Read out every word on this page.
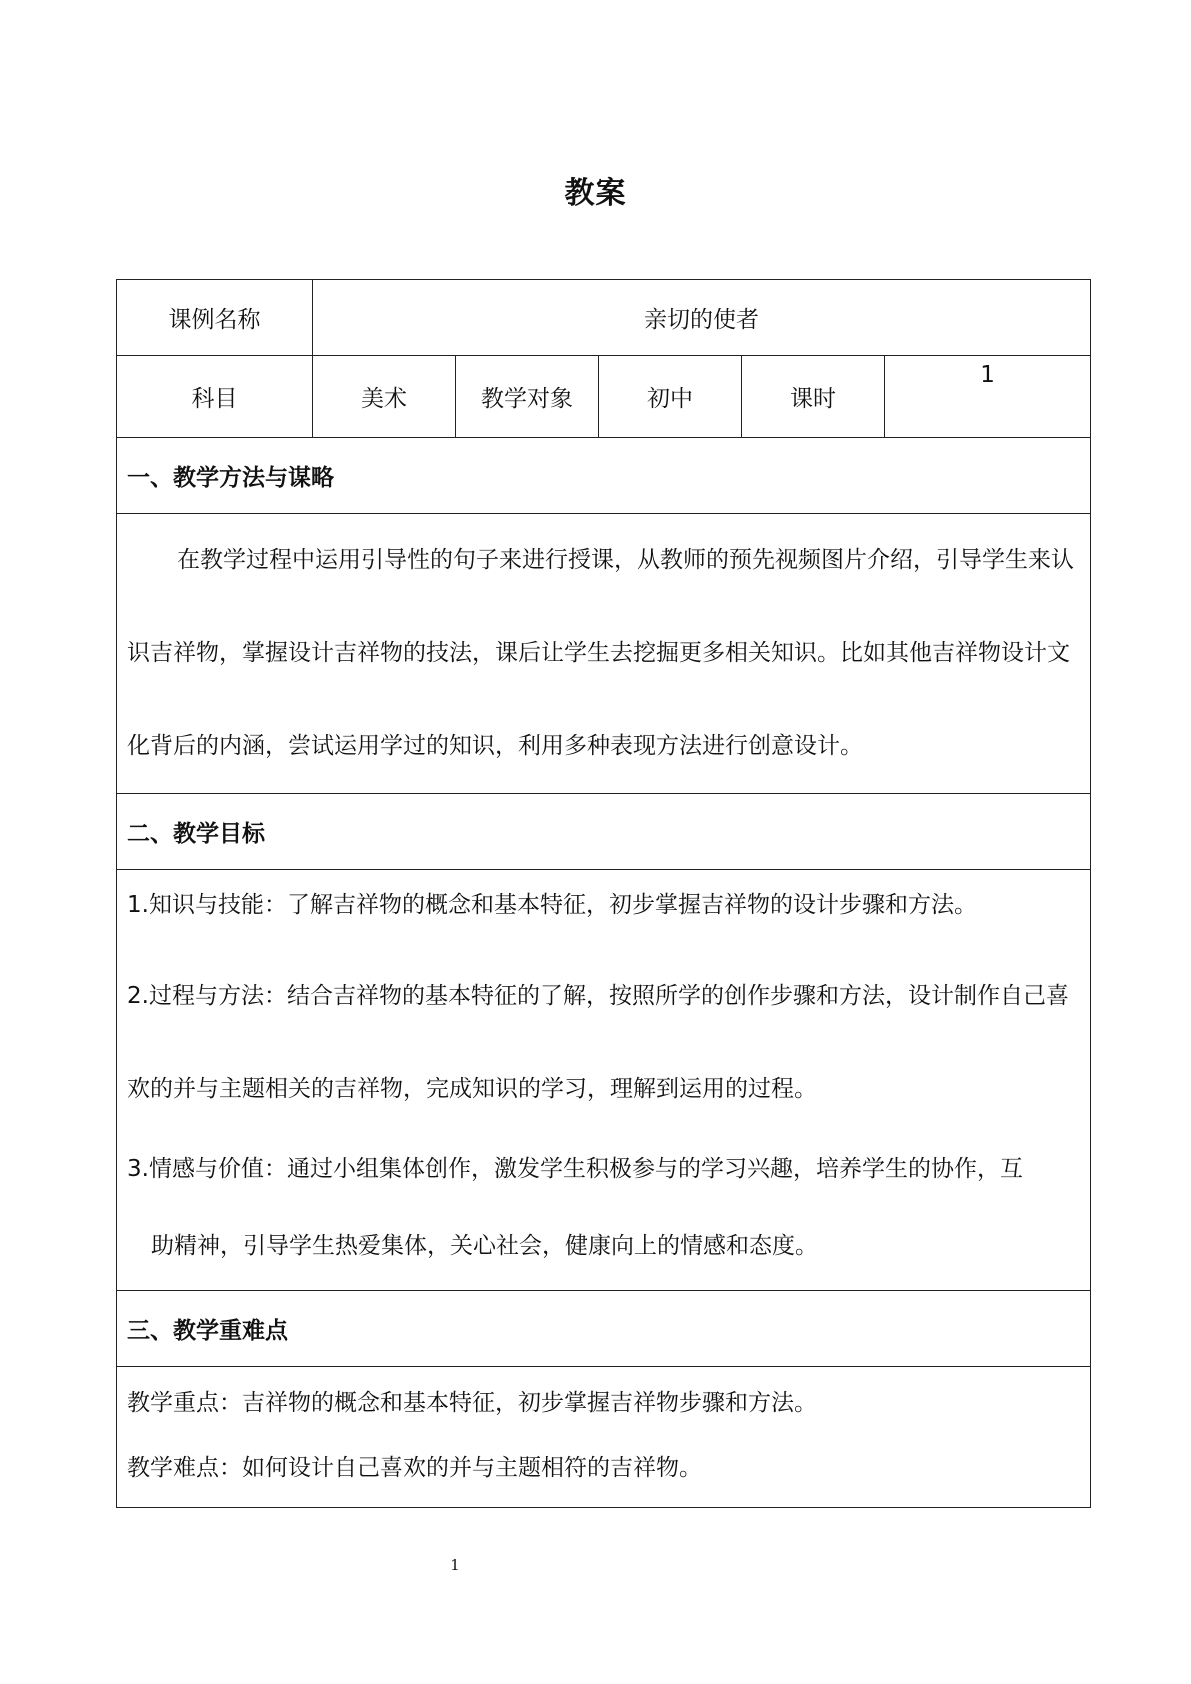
教案
课例名称	亲切的使者				
科目	美术	教学对象	初中	课时	1
一、教学方法与谋略					

在教学过程中运用引导性的句子来进行授课，从教师的预先视频图片介绍，引导学生来认识吉祥物，掌握设计吉祥物的技法，课后让学生去挖掘更多相关知识。比如其他吉祥物设计文化背后的内涵，尝试运用学过的知识，利用多种表现方法进行创意设计。					

二、教学目标					

1.知识与技能：了解吉祥物的概念和基本特征，初步掌握吉祥物的设计步骤和方法。
2.过程与方法：结合吉祥物的基本特征的了解，按照所学的创作步骤和方法，设计制作自己喜欢的并与主题相关的吉祥物，完成知识的学习，理解到运用的过程。
3.情感与价值：通过小组集体创作，激发学生积极参与的学习兴趣，培养学生的协作，互
助精神，引导学生热爱集体，关心社会，健康向上的情感和态度。					

三、教学重难点					

教学重点：吉祥物的概念和基本特征，初步掌握吉祥物步骤和方法。
教学难点：如何设计自己喜欢的并与主题相符的吉祥物。					
1
